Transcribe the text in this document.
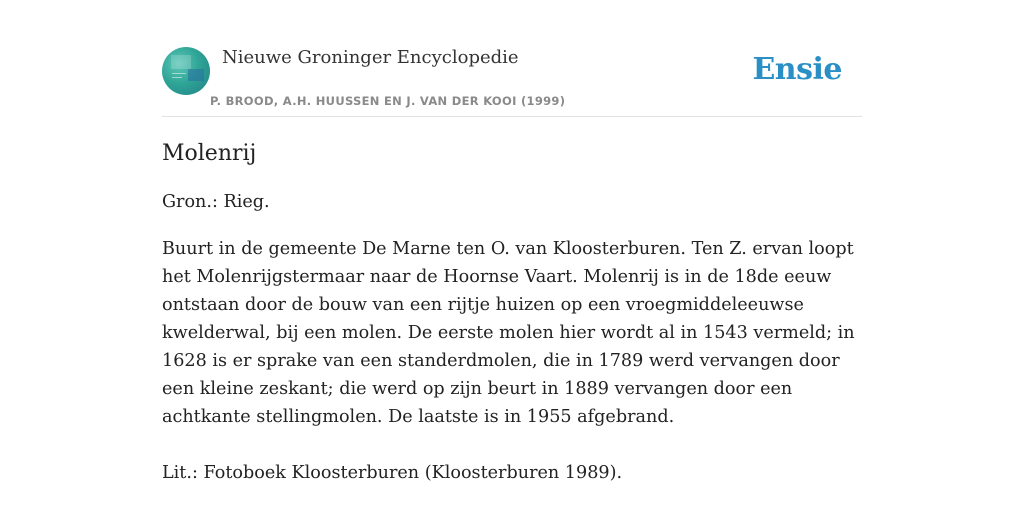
Nieuwe Groninger Encyclopedie
P. BROOD, A.H. HUUSSEN EN J. VAN DER KOOI (1999)
Ensie
Molenrij

Gron.: Rieg.

Buurt in de gemeente De Marne ten O. van Kloosterburen. Ten Z. ervan loopt het Molenrijgstermaar naar de Hoornse Vaart. Molenrij is in de 18de eeuw ontstaan door de bouw van een rijtje huizen op een vroegmiddeleeuwse kwelderwal, bij een molen. De eerste molen hier wordt al in 1543 vermeld; in 1628 is er sprake van een standerdmolen, die in 1789 werd vervangen door een kleine zeskant; die werd op zijn beurt in 1889 vervangen door een achtkante stellingmolen. De laatste is in 1955 afgebrand.

Lit.: Fotoboek Kloosterburen (Kloosterburen 1989).
